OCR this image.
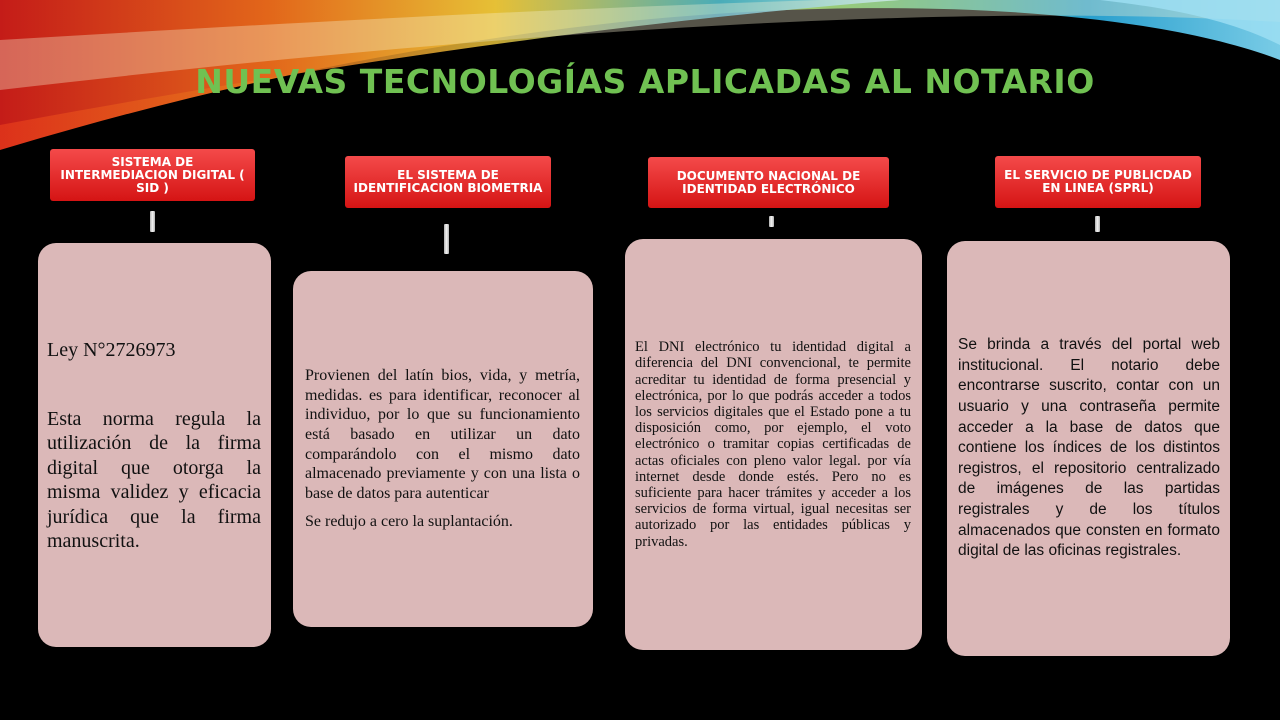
NUEVAS TECNOLOGÍAS APLICADAS AL NOTARIO
SISTEMA DE INTERMEDIACION DIGITAL ( SID )

Ley N°2726973

Esta norma regula la utilización de la firma digital que otorga la misma validez y eficacia jurídica que la firma manuscrita.

EL SISTEMA DE IDENTIFICACION BIOMETRIA

Provienen del latín bios, vida, y metría, medidas. es para identificar, reconocer al individuo, por lo que su funcionamiento está basado en utilizar un dato comparándolo con el mismo dato almacenado previamente y con una lista o base de datos para autenticar

Se redujo a cero la suplantación.

DOCUMENTO NACIONAL DE IDENTIDAD ELECTRÓNICO

El DNI electrónico tu identidad digital a diferencia del DNI convencional, te permite acreditar tu identidad de forma presencial y electrónica, por lo que podrás acceder a todos los servicios digitales que el Estado pone a tu disposición como, por ejemplo, el voto electrónico o tramitar copias certificadas de actas oficiales con pleno valor legal. por vía internet desde donde estés. Pero no es suficiente para hacer trámites y acceder a los servicios de forma virtual, igual necesitas ser autorizado por las entidades públicas y privadas.

EL SERVICIO DE PUBLICDAD EN LINEA (SPRL)

Se brinda a través del portal web institucional. El notario debe encontrarse suscrito, contar con un usuario y una contraseña permite acceder a la base de datos que contiene los índices de los distintos registros, el repositorio centralizado de imágenes de las partidas registrales y de los títulos almacenados que consten en formato digital de las oficinas registrales.
